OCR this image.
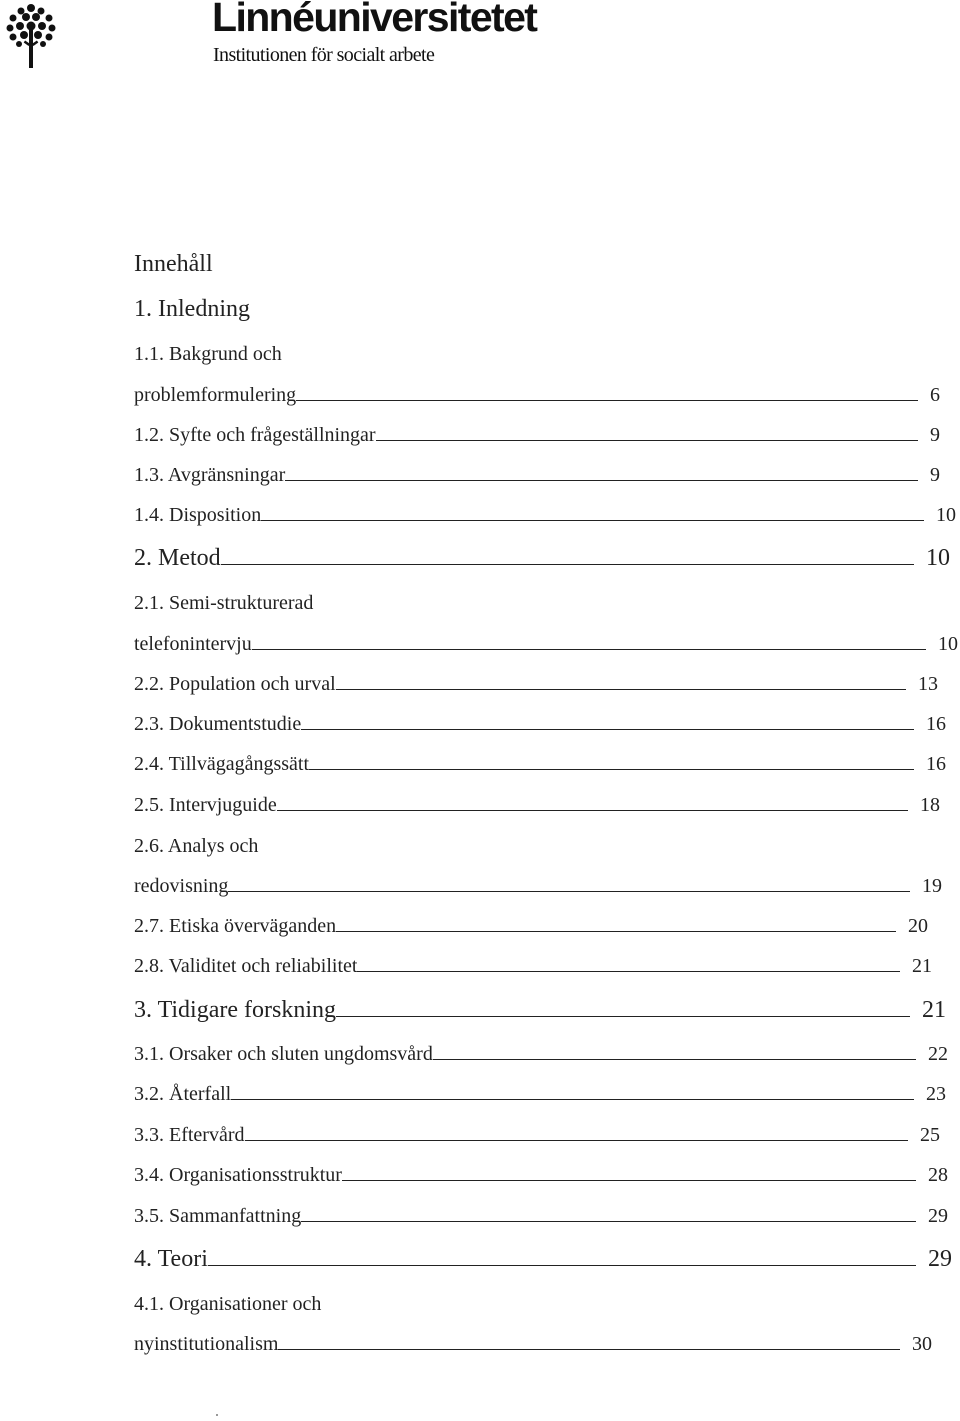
Linnéuniversitetet
Institutionen för socialt arbete
Innehåll
1. Inledning
1.1. Bakgrund och
problemformulering	6
1.2. Syfte och frågeställningar	9
1.3. Avgränsningar	9
1.4. Disposition	10
2. Metod	10
2.1. Semi-strukturerad
telefonintervju	10
2.2. Population och urval	13
2.3. Dokumentstudie	16
2.4. Tillvägagångssätt	16
2.5. Intervjuguide	18
2.6. Analys och
redovisning	19
2.7. Etiska överväganden	20
2.8. Validitet och reliabilitet	21
3. Tidigare forskning	21
3.1. Orsaker och sluten ungdomsvård	22
3.2. Återfall	23
3.3. Eftervård	25
3.4. Organisationsstruktur	28
3.5. Sammanfattning	29
4. Teori	29
4.1. Organisationer och
nyinstitutionalism	30
